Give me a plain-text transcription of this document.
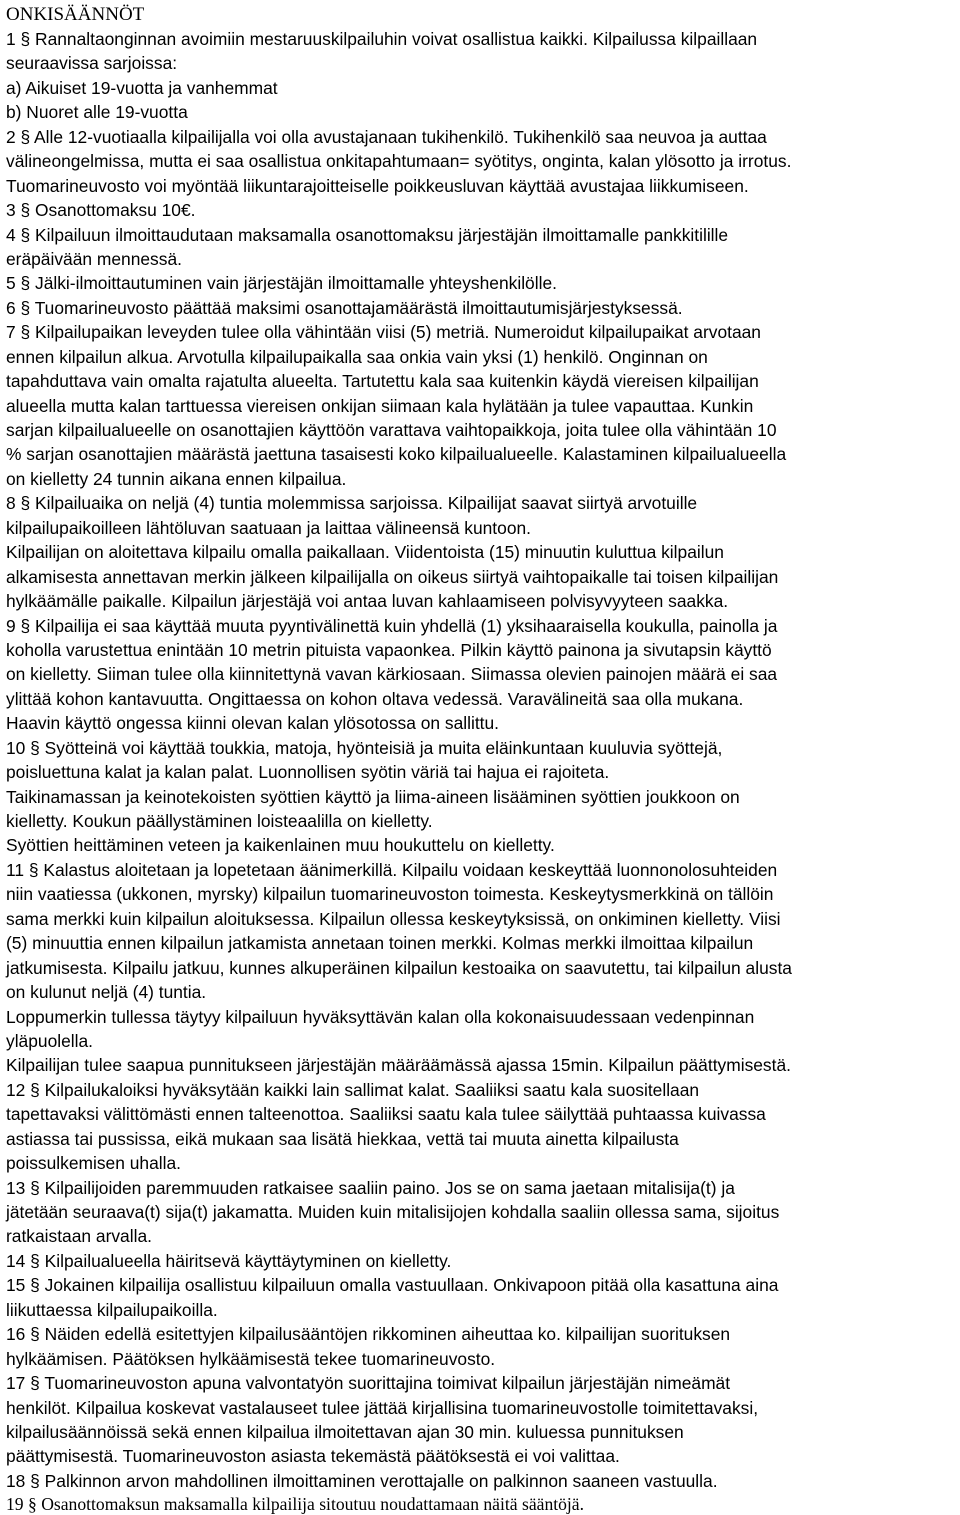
ONKISÄÄNNÖT
1 § Rannaltaonginnan avoimiin mestaruuskilpailuhin voivat osallistua kaikki. Kilpailussa kilpaillaan
seuraavissa sarjoissa:
a) Aikuiset 19-vuotta ja vanhemmat
b) Nuoret alle 19-vuotta
2 § Alle 12-vuotiaalla kilpailijalla voi olla avustajanaan tukihenkilö. Tukihenkilö saa neuvoa ja auttaa
välineongelmissa, mutta ei saa osallistua onkitapahtumaan= syötitys, onginta, kalan ylösotto ja irrotus.
Tuomarineuvosto voi myöntää liikuntarajoitteiselle poikkeusluvan käyttää avustajaa liikkumiseen.
3 § Osanottomaksu 10€.
4 § Kilpailuun ilmoittaudutaan maksamalla osanottomaksu järjestäjän ilmoittamalle pankkitilille
eräpäivään mennessä.
5 § Jälki-ilmoittautuminen vain järjestäjän ilmoittamalle yhteyshenkilölle.
6 § Tuomarineuvosto päättää maksimi osanottajamäärästä ilmoittautumisjärjestyksessä.
7 § Kilpailupaikan leveyden tulee olla vähintään viisi (5) metriä. Numeroidut kilpailupaikat arvotaan
ennen kilpailun alkua. Arvotulla kilpailupaikalla saa onkia vain yksi (1) henkilö. Onginnan on
tapahduttava vain omalta rajatulta alueelta. Tartutettu kala saa kuitenkin käydä viereisen kilpailijan
alueella mutta kalan tarttuessa viereisen onkijan siimaan kala hylätään ja tulee vapauttaa. Kunkin
sarjan kilpailualueelle on osanottajien käyttöön varattava vaihtopaikkoja, joita tulee olla vähintään 10
% sarjan osanottajien määrästä jaettuna tasaisesti koko kilpailualueelle. Kalastaminen kilpailualueella
on kielletty 24 tunnin aikana ennen kilpailua.
8 § Kilpailuaika on neljä (4) tuntia molemmissa sarjoissa. Kilpailijat saavat siirtyä arvotuille
kilpailupaikoilleen lähtöluvan saatuaan ja laittaa välineensä kuntoon.
Kilpailijan on aloitettava kilpailu omalla paikallaan. Viidentoista (15) minuutin kuluttua kilpailun
alkamisesta annettavan merkin jälkeen kilpailijalla on oikeus siirtyä vaihtopaikalle tai toisen kilpailijan
hylkäämälle paikalle. Kilpailun järjestäjä voi antaa luvan kahlaamiseen polvisyvyyteen saakka.
9 § Kilpailija ei saa käyttää muuta pyyntivälinettä kuin yhdellä (1) yksihaaraisella koukulla, painolla ja
koholla varustettua enintään 10 metrin pituista vapaonkea. Pilkin käyttö painona ja sivutapsin käyttö
on kielletty. Siiman tulee olla kiinnitettynä vavan kärkiosaan. Siimassa olevien painojen määrä ei saa
ylittää kohon kantavuutta. Ongittaessa on kohon oltava vedessä. Varavälineitä saa olla mukana.
Haavin käyttö ongessa kiinni olevan kalan ylösotossa on sallittu.
10 § Syötteinä voi käyttää toukkia, matoja, hyönteisiä ja muita eläinkuntaan kuuluvia syöttejä,
poisluettuna kalat ja kalan palat. Luonnollisen syötin väriä tai hajua ei rajoiteta.
Taikinamassan ja keinotekoisten syöttien käyttö ja liima-aineen lisääminen syöttien joukkoon on
kielletty. Koukun päällystäminen loisteaalilla on kielletty.
Syöttien heittäminen veteen ja kaikenlainen muu houkuttelu on kielletty.
11 § Kalastus aloitetaan ja lopetetaan äänimerkillä. Kilpailu voidaan keskeyttää luonnonolosuhteiden
niin vaatiessa (ukkonen, myrsky) kilpailun tuomarineuvoston toimesta. Keskeytysmerkkinä on tällöin
sama merkki kuin kilpailun aloituksessa. Kilpailun ollessa keskeytyksissä, on onkiminen kielletty. Viisi
(5) minuuttia ennen kilpailun jatkamista annetaan toinen merkki. Kolmas merkki ilmoittaa kilpailun
jatkumisesta. Kilpailu jatkuu, kunnes alkuperäinen kilpailun kestoaika on saavutettu, tai kilpailun alusta
on kulunut neljä (4) tuntia.
Loppumerkin tullessa täytyy kilpailuun hyväksyttävän kalan olla kokonaisuudessaan vedenpinnan
yläpuolella.
Kilpailijan tulee saapua punnitukseen järjestäjän määräämässä ajassa 15min. Kilpailun päättymisestä.
12 § Kilpailukaloiksi hyväksytään kaikki lain sallimat kalat. Saaliiksi saatu kala suositellaan
tapettavaksi välittömästi ennen talteenottoa. Saaliiksi saatu kala tulee säilyttää puhtaassa kuivassa
astiassa tai pussissa, eikä mukaan saa lisätä hiekkaa, vettä tai muuta ainetta kilpailusta
poissulkemisen uhalla.
13 § Kilpailijoiden paremmuuden ratkaisee saaliin paino. Jos se on sama jaetaan mitalisija(t) ja
jätetään seuraava(t) sija(t) jakamatta. Muiden kuin mitalisijojen kohdalla saaliin ollessa sama, sijoitus
ratkaistaan arvalla.
14 § Kilpailualueella häiritsevä käyttäytyminen on kielletty.
15 § Jokainen kilpailija osallistuu kilpailuun omalla vastuullaan. Onkivapoon pitää olla kasattuna aina
liikuttaessa kilpailupaikoilla.
16 § Näiden edellä esitettyjen kilpailusääntöjen rikkominen aiheuttaa ko. kilpailijan suorituksen
hylkäämisen. Päätöksen hylkäämisestä tekee tuomarineuvosto.
17 § Tuomarineuvoston apuna valvontatyön suorittajina toimivat kilpailun järjestäjän nimeämät
henkilöt. Kilpailua koskevat vastalauseet tulee jättää kirjallisina tuomarineuvostolle toimitettavaksi,
kilpailusäännöissä sekä ennen kilpailua ilmoitettavan ajan 30 min. kuluessa punnituksen
päättymisestä. Tuomarineuvoston asiasta tekemästä päätöksestä ei voi valittaa.
18 § Palkinnon arvon mahdollinen ilmoittaminen verottajalle on palkinnon saaneen vastuulla.
19 § Osanottomaksun maksamalla kilpailija sitoutuu noudattamaan näitä sääntöjä.
